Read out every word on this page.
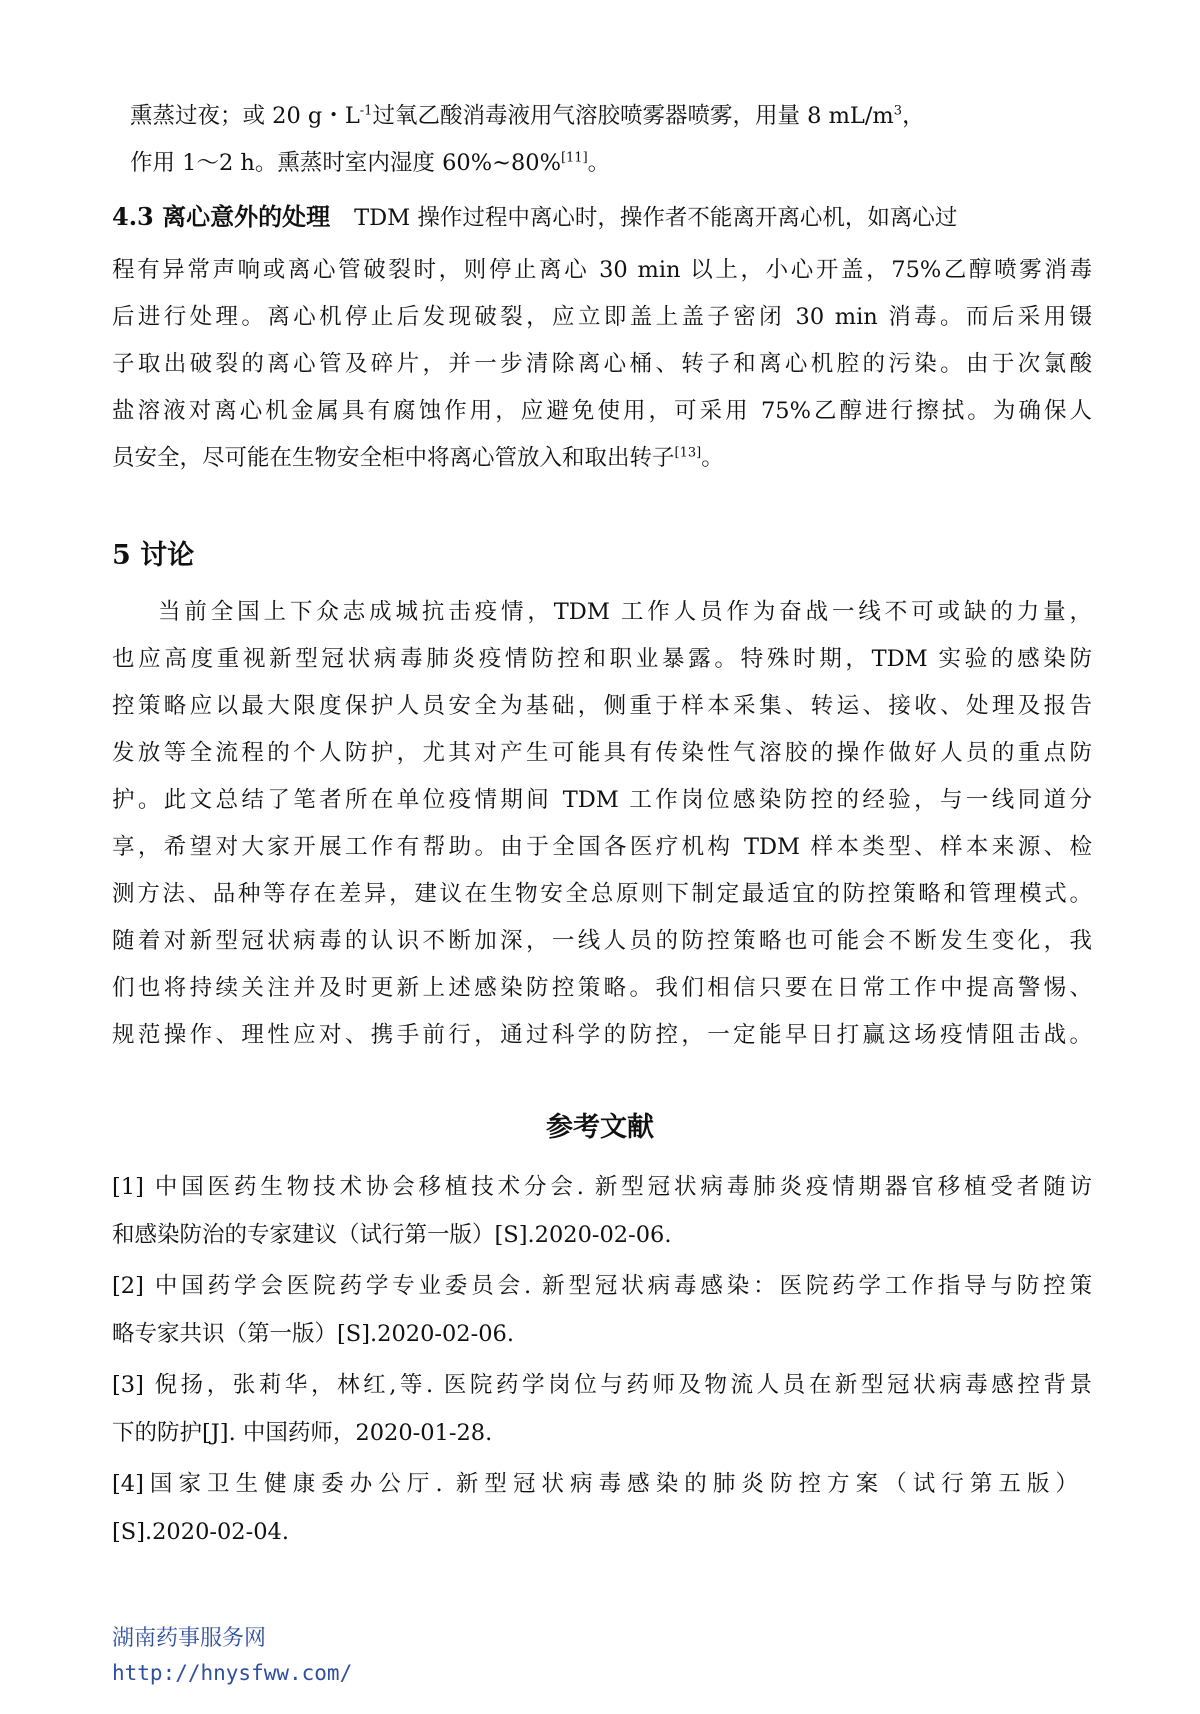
熏蒸过夜；或 20 g・$L^{-1}$过氧乙酸消毒液用气溶胶喷雾器喷雾，用量 8 $mL/m^3$，
作用 1～2 h。熏蒸时室内湿度 60%~80%[11]。
4.3 离心意外的处理 TDM 操作过程中离心时，操作者不能离开离心机，如离心过
程有异常声响或离心管破裂时，则停止离心 30 min 以上，小心开盖，75%乙醇喷雾消毒
后进行处理。离心机停止后发现破裂，应立即盖上盖子密闭 30 min 消毒。而后采用镊
子取出破裂的离心管及碎片，并一步清除离心桶、转子和离心机腔的污染。由于次氯酸
盐溶液对离心机金属具有腐蚀作用，应避免使用，可采用 75%乙醇进行擦拭。为确保人
员安全，尽可能在生物安全柜中将离心管放入和取出转子[13]。
5 讨论
当前全国上下众志成城抗击疫情，TDM 工作人员作为奋战一线不可或缺的力量，
也应高度重视新型冠状病毒肺炎疫情防控和职业暴露。特殊时期，TDM 实验的感染防
控策略应以最大限度保护人员安全为基础，侧重于样本采集、转运、接收、处理及报告
发放等全流程的个人防护，尤其对产生可能具有传染性气溶胶的操作做好人员的重点防
护。此文总结了笔者所在单位疫情期间 TDM 工作岗位感染防控的经验，与一线同道分
享，希望对大家开展工作有帮助。由于全国各医疗机构 TDM 样本类型、样本来源、检
测方法、品种等存在差异，建议在生物安全总原则下制定最适宜的防控策略和管理模式。
随着对新型冠状病毒的认识不断加深，一线人员的防控策略也可能会不断发生变化，我
们也将持续关注并及时更新上述感染防控策略。我们相信只要在日常工作中提高警惕、
规范操作、理性应对、携手前行，通过科学的防控，一定能早日打赢这场疫情阻击战。
参考文献
[1] 中国医药生物技术协会移植技术分会. 新型冠状病毒肺炎疫情期器官移植受者随访
和感染防治的专家建议（试行第一版）[S].2020-02-06.
[2] 中国药学会医院药学专业委员会. 新型冠状病毒感染：医院药学工作指导与防控策
略专家共识（第一版）[S].2020-02-06.
[3] 倪扬，张莉华，林红,等. 医院药学岗位与药师及物流人员在新型冠状病毒感控背景
下的防护[J]. 中国药师，2020-01-28.
[4]国家卫生健康委办公厅. 新型冠状病毒感染的肺炎防控方案（试行第五版）
[S].2020-02-04.
湖南药事服务网
http://hnysfww.com/
